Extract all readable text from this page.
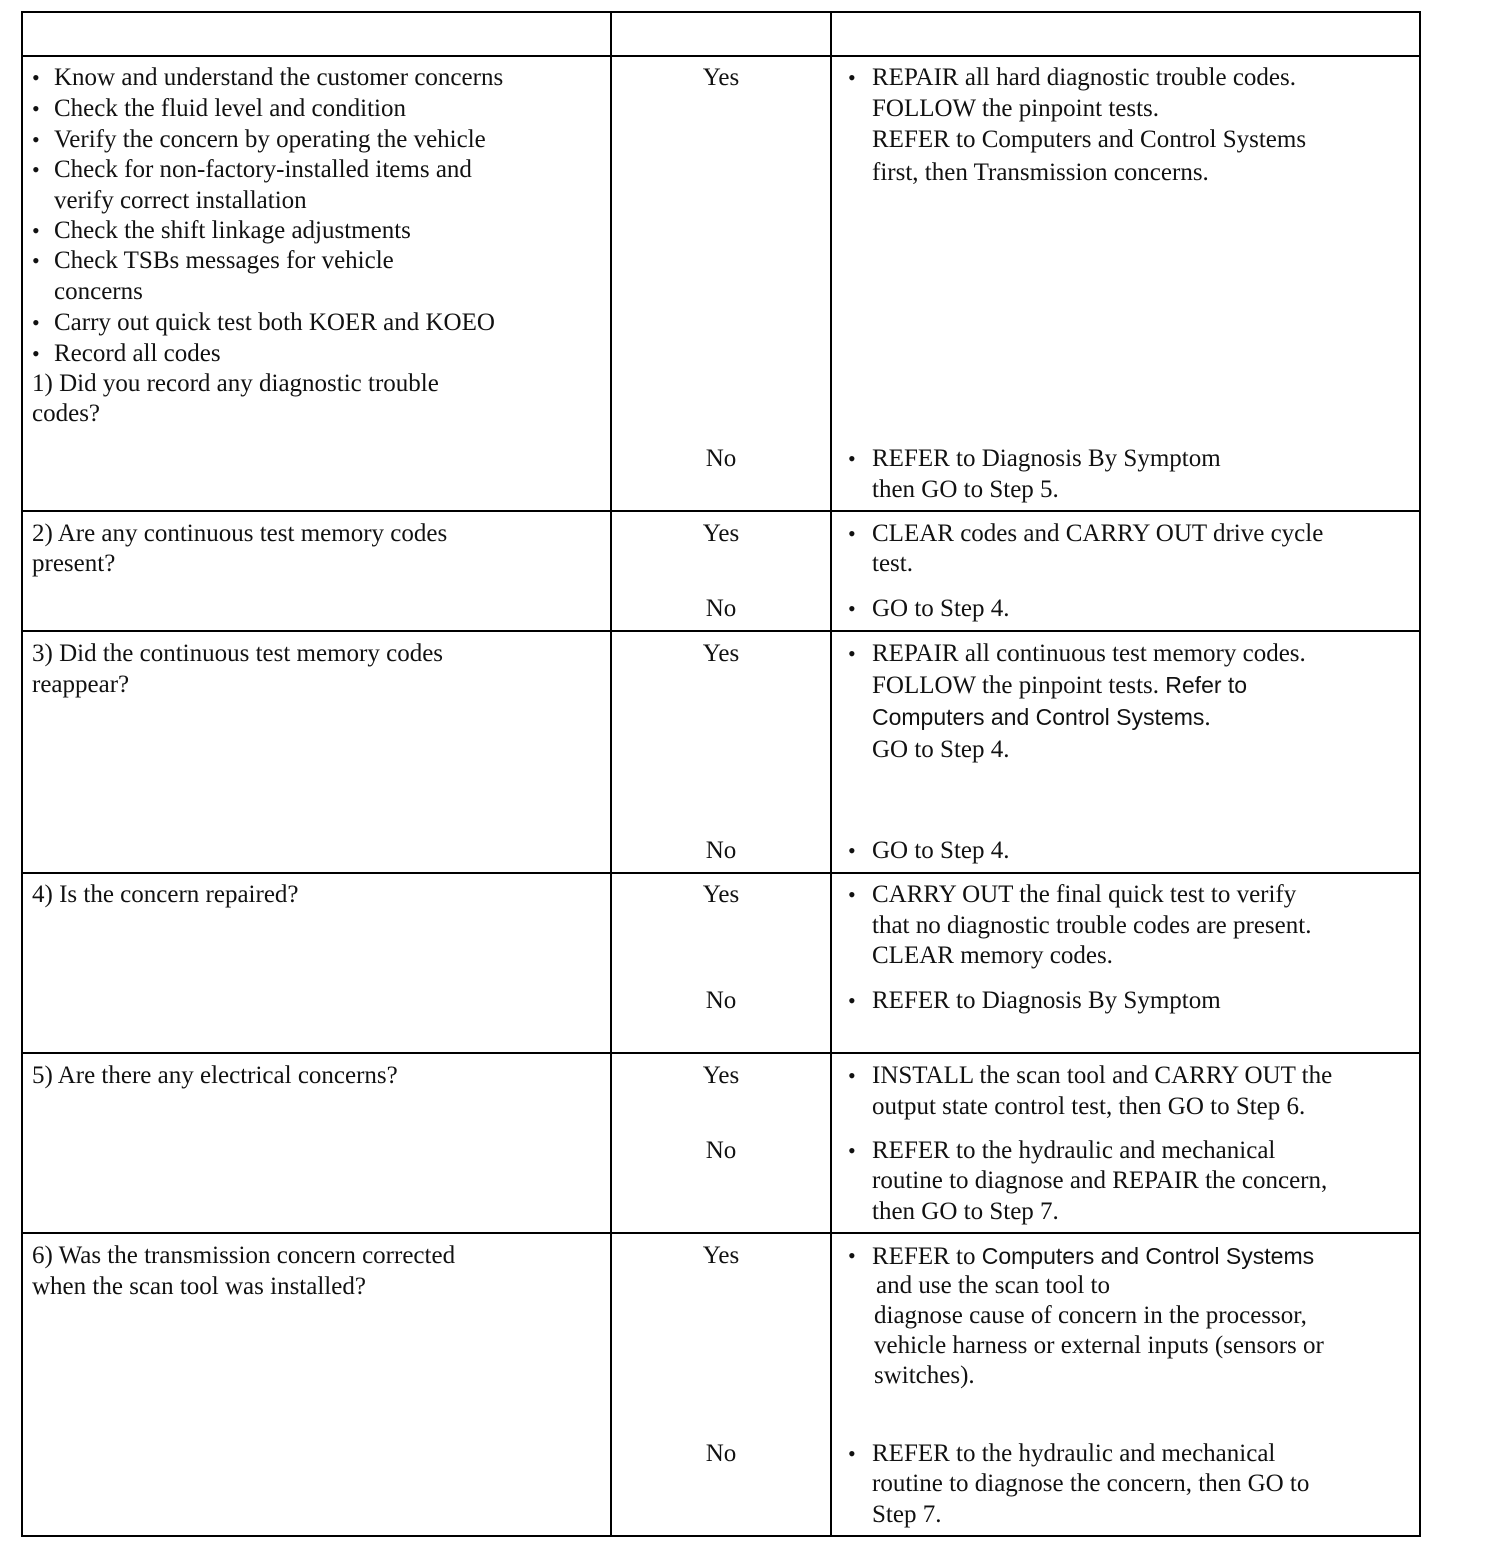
• Know and understand the customer concerns
• Check the fluid level and condition
• Verify the concern by operating the vehicle
• Check for non-factory-installed items and
verify correct installation
• Check the shift linkage adjustments
• Check TSBs messages for vehicle
concerns
• Carry out quick test both KOER and KOEO
• Record all codes
1) Did you record any diagnostic trouble
codes?
Yes	• REPAIR all hard diagnostic trouble codes.
FOLLOW the pinpoint tests.
REFER to Computers and Control Systems
first, then Transmission concerns.
No	• REFER to Diagnosis By Symptom
then GO to Step 5.
2) Are any continuous test memory codes
present?
Yes	• CLEAR codes and CARRY OUT drive cycle
test.
No	• GO to Step 4.
3) Did the continuous test memory codes
reappear?
Yes	• REPAIR all continuous test memory codes.
FOLLOW the pinpoint tests. Refer to
Computers and Control Systems.
GO to Step 4.
No	• GO to Step 4.
4) Is the concern repaired?	Yes	• CARRY OUT the final quick test to verify
that no diagnostic trouble codes are present.
CLEAR memory codes.
No	• REFER to Diagnosis By Symptom
5) Are there any electrical concerns?	Yes	• INSTALL the scan tool and CARRY OUT the
output state control test, then GO to Step 6.
No	• REFER to the hydraulic and mechanical
routine to diagnose and REPAIR the concern,
then GO to Step 7.
6) Was the transmission concern corrected
when the scan tool was installed?
Yes	• REFER to Computers and Control Systems
and use the scan tool to
diagnose cause of concern in the processor,
vehicle harness or external inputs (sensors or
switches).
No	• REFER to the hydraulic and mechanical
routine to diagnose the concern, then GO to
Step 7.
